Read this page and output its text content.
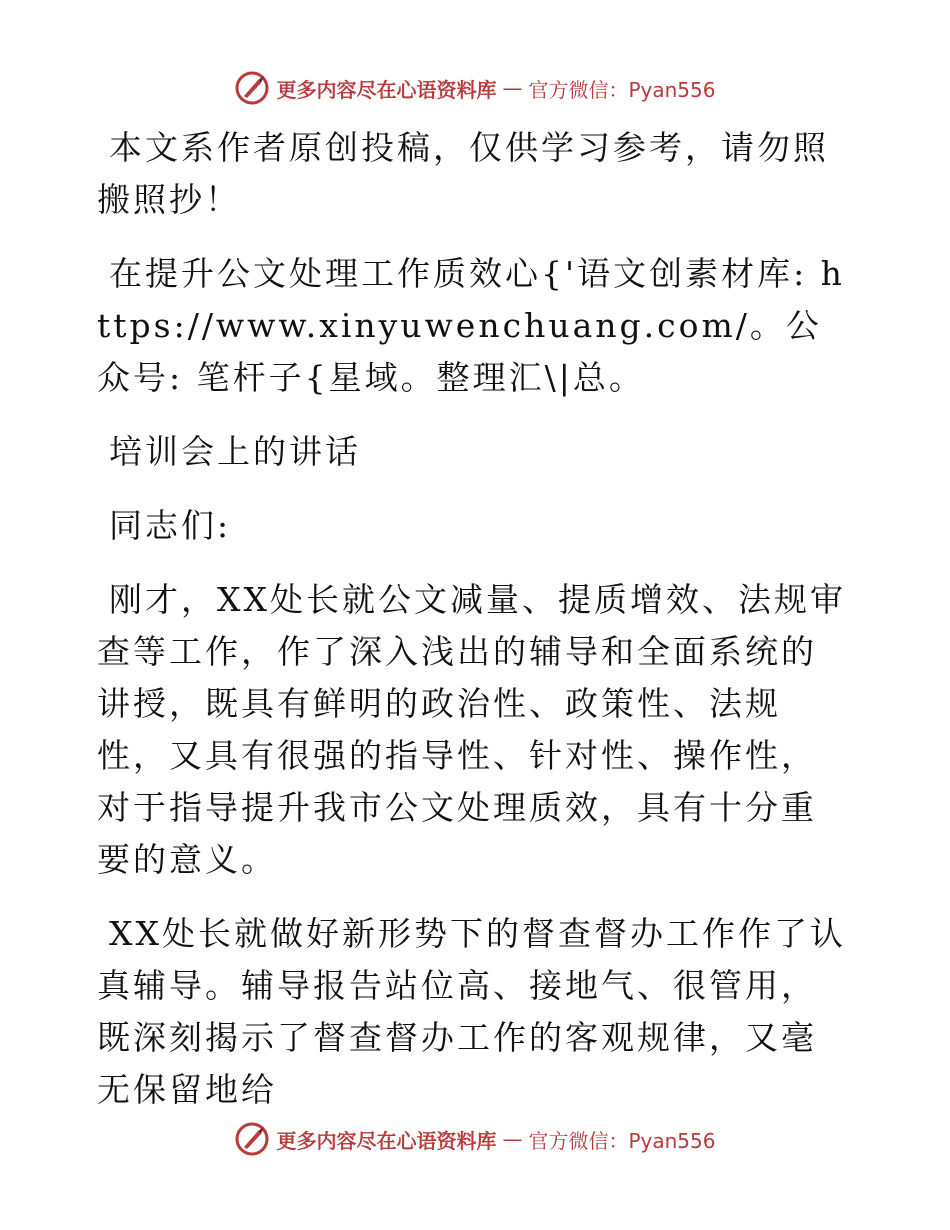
更多内容尽在心语资料库 — 官方微信：Pyan556

本文系作者原创投稿，仅供学习参考，请勿照搬照抄！

在提升公文处理工作质效心{'语文创素材库: https://www.xinyuwenchuang.com/。公众号: 笔杆子{星域。整理汇\|总。

培训会上的讲话

同志们:

刚才，XX处长就公文减量、提质增效、法规审查等工作，作了深入浅出的辅导和全面系统的讲授，既具有鲜明的政治性、政策性、法规性，又具有很强的指导性、针对性、操作性，对于指导提升我市公文处理质效，具有十分重要的意义。

XX处长就做好新形势下的督查督办工作作了认真辅导。辅导报告站位高、接地气、很管用，既深刻揭示了督查督办工作的客观规律，又毫无保留地给

更多内容尽在心语资料库 — 官方微信：Pyan556
